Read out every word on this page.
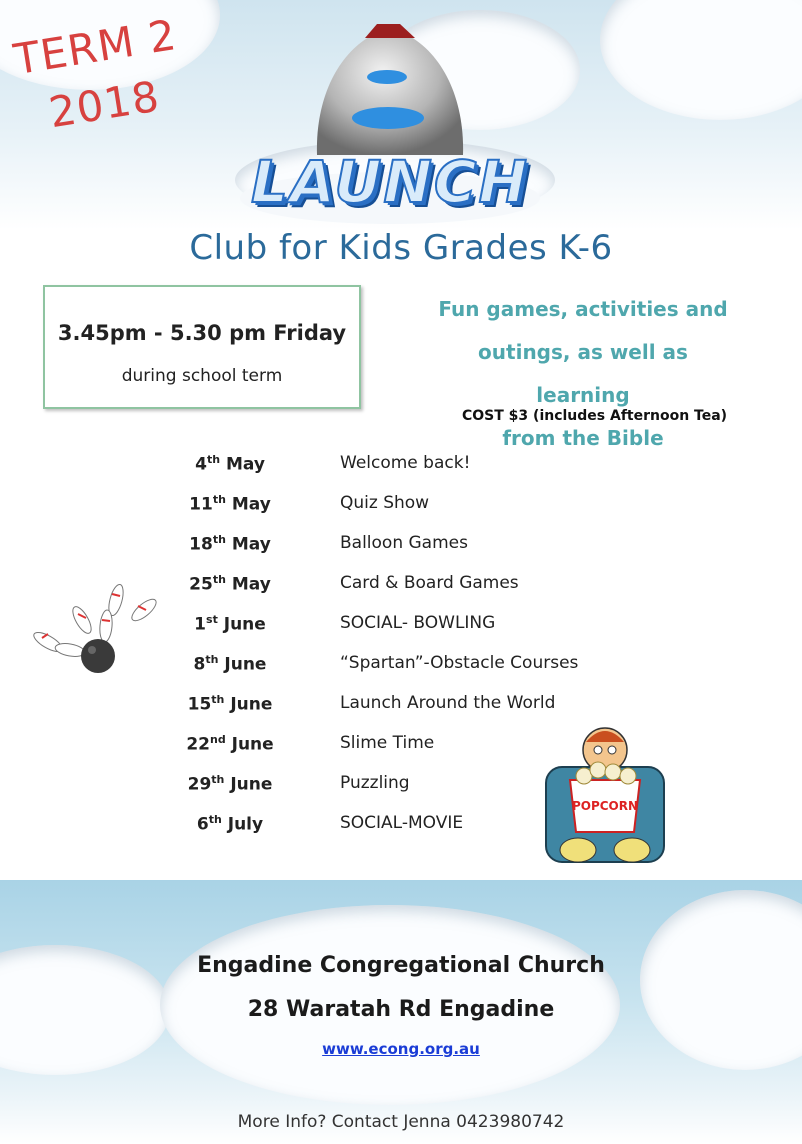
TERM 2
2018
LAUNCH
Club for Kids Grades K-6
3.45pm - 5.30 pm Friday
during school term
Fun games, activities and
outings, as well as learning
from the Bible
COST $3 (includes Afternoon Tea)
4th May	Welcome back!
11th May	Quiz Show
18th May	Balloon Games
25th May	Card & Board Games
1st June	SOCIAL- BOWLING
8th June	“Spartan”-Obstacle Courses
15th June	Launch Around the World
22nd June	Slime Time
29th June	Puzzling
6th July	SOCIAL-MOVIE
POPCORN
Engadine Congregational Church
28 Waratah Rd Engadine
www.econg.org.au
More Info? Contact Jenna 0423980742
